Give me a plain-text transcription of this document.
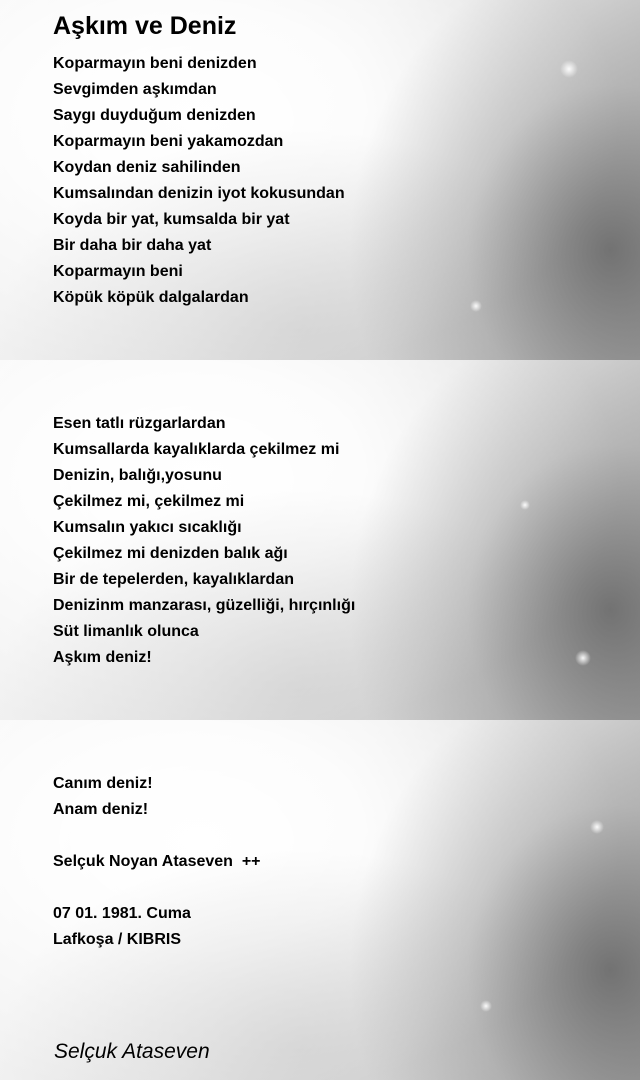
Aşkım ve Deniz
Koparmayın beni denizden
Sevgimden aşkımdan
Saygı duyduğum denizden
Koparmayın beni yakamozdan
Koydan deniz sahilinden
Kumsalından denizin iyot kokusundan
Koyda bir yat, kumsalda bir yat
Bir daha bir daha yat
Koparmayın beni
Köpük köpük dalgalardan
Esen tatlı rüzgarlardan
Kumsallarda kayalıklarda çekilmez mi
Denizin, balığı,yosunu
Çekilmez mi, çekilmez mi
Kumsalın yakıcı sıcaklığı
Çekilmez mi denizden balık ağı
Bir de tepelerden, kayalıklardan
Denizinm manzarası, güzelliği, hırçınlığı
Süt limanlık olunca
Aşkım deniz!
Canım deniz!
Anam deniz!
Selçuk Noyan Ataseven  ++
07 01. 1981. Cuma
Lafkoşa / KIBRIS
Selçuk Ataseven
